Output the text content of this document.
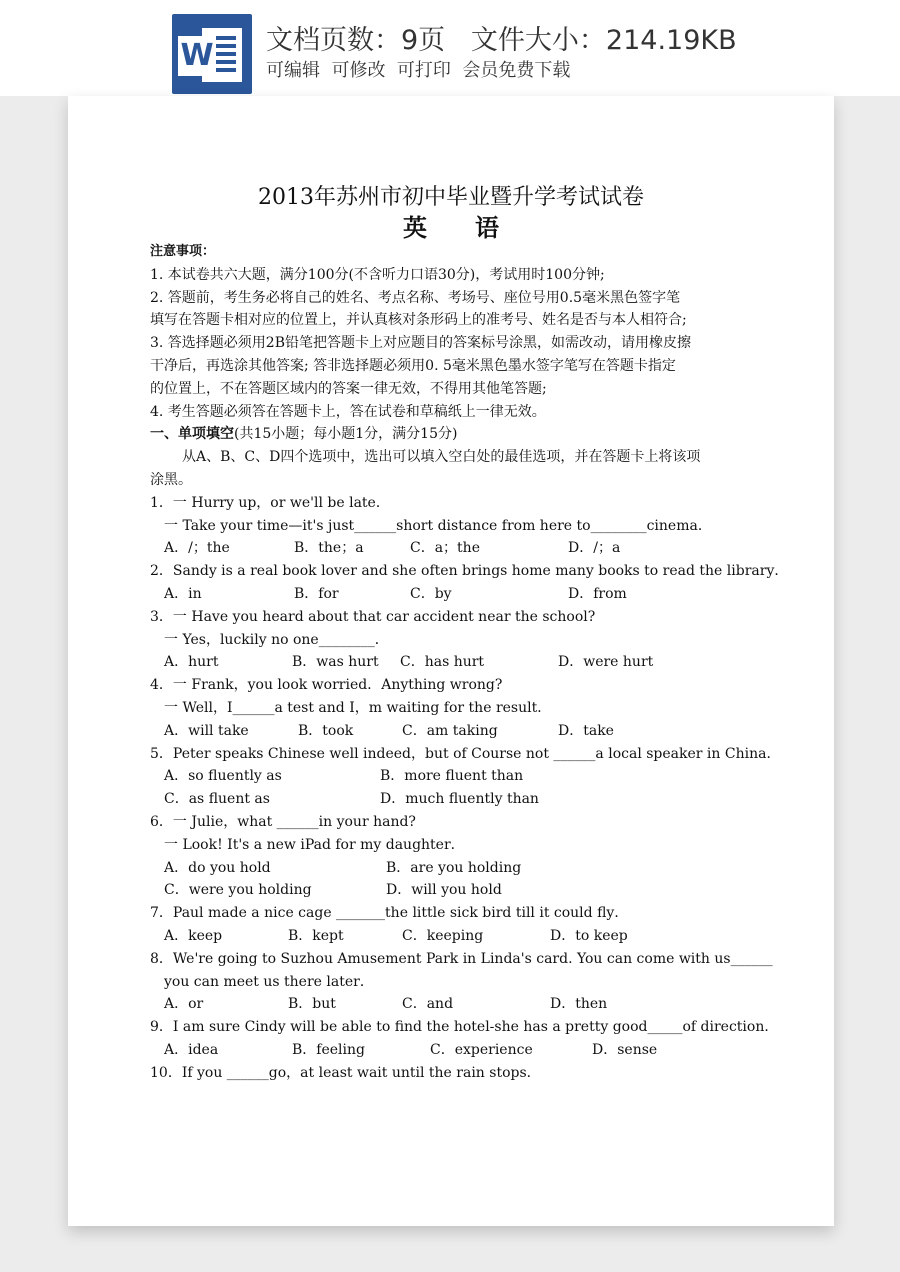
W 文档页数：9页   文件大小：214.19KB
可编辑  可修改  可打印  会员免费下载
2013年苏州市初中毕业暨升学考试试卷
英语
注意事项：
1. 本试卷共六大题，满分100分(不含听力口语30分)，考试用时100分钟;
2. 答题前，考生务必将自己的姓名、考点名称、考场号、座位号用0.5毫米黑色签字笔
填写在答题卡相对应的位置上，并认真核对条形码上的准考号、姓名是否与本人相符合;
3. 答选择题必须用2B铅笔把答题卡上对应题目的答案标号涂黑，如需改动，请用橡皮擦
干净后，再选涂其他答案; 答非选择题必须用0. 5毫米黑色墨水签字笔写在答题卡指定
的位置上，不在答题区域内的答案一律无效，不得用其他笔答题;
4. 考生答题必须答在答题卡上，答在试卷和草稿纸上一律无效。
一、单项填空(共15小题；每小题1分，满分15分)
从A、B、C、D四个选项中，选出可以填入空白处的最佳选项，并在答题卡上将该项
涂黑。
1．一 Hurry up，or we'll be late．
一 Take your time—it's just______short distance from here to________cinema．
A．/；the	B．the；a	C．a；the	D．/；a
2．Sandy is a real book lover and she often brings home many books to read the library．
A．in	B．for	C．by	D．from
3．一 Have you heard about that car accident near the school?
一 Yes，luckily no one________．
A．hurt	B．was hurt C．has hurt	D．were hurt
4．一 Frank，you look worried．Anything wrong?
一 Well，I______a test and I，m waiting for the result．
A．will take	B．took	C．am taking	D．take
5．Peter speaks Chinese well indeed，but of Course not ______a local speaker in China．
A．so fluently as	B．more fluent than
C．as fluent as	D．much fluently than
6．一 Julie，what ______in your hand?
一 Look! It's a new iPad for my daughter．
A．do you hold	B．are you holding
C．were you holding	D．will you hold
7．Paul made a nice cage _______the little sick bird till it could fly．
A．keep	B．kept	C．keeping	D．to keep
8．We're going to Suzhou Amusement Park in Linda's card. You can come with us______
you can meet us there later．
A．or	B．but	C．and	D．then
9．I am sure Cindy will be able to find the hotel-she has a pretty good_____of direction．
A．idea	B．feeling	C．experience	D．sense
10．If you ______go，at least wait until the rain stops．
